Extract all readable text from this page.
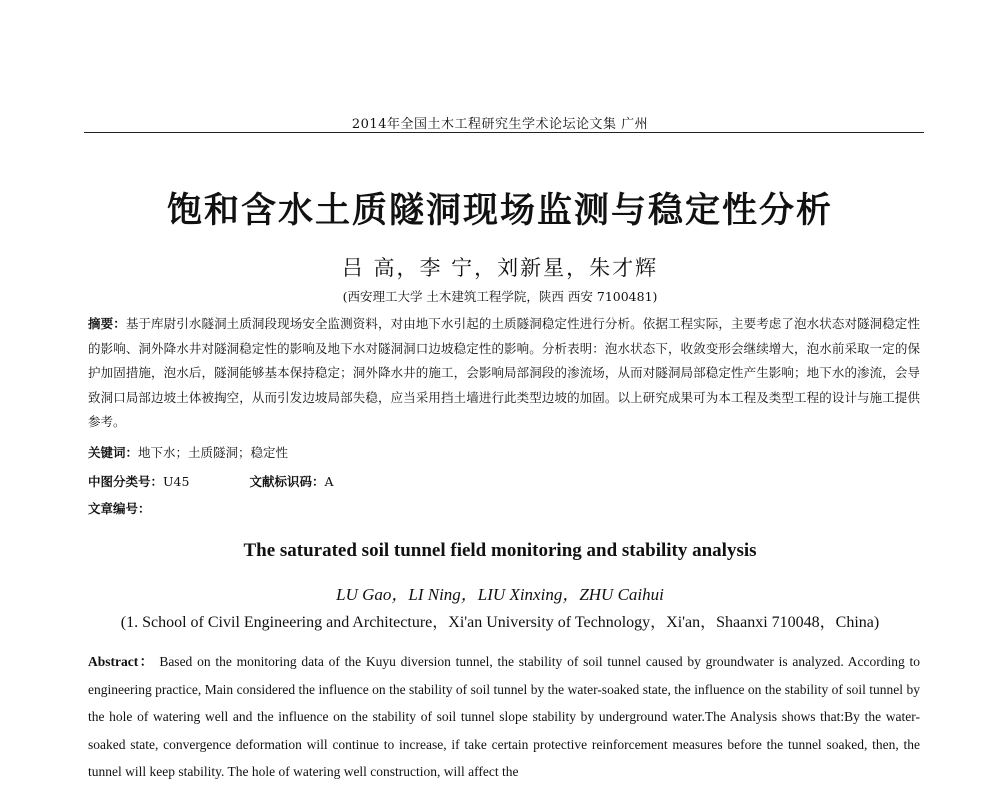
2014年全国土木工程研究生学术论坛论文集 广州
饱和含水土质隧洞现场监测与稳定性分析
吕 高，李 宁，刘新星，朱才辉
(西安理工大学 土木建筑工程学院，陕西 西安 7100481)
摘要：基于库尉引水隧洞土质洞段现场安全监测资料，对由地下水引起的土质隧洞稳定性进行分析。依据工程实际，主要考虑了泡水状态对隧洞稳定性的影响、洞外降水井对隧洞稳定性的影响及地下水对隧洞洞口边坡稳定性的影响。分析表明：泡水状态下，收敛变形会继续增大，泡水前采取一定的保护加固措施，泡水后，隧洞能够基本保持稳定；洞外降水井的施工，会影响局部洞段的渗流场，从而对隧洞局部稳定性产生影响；地下水的渗流，会导致洞口局部边坡土体被掏空，从而引发边坡局部失稳，应当采用挡土墙进行此类型边坡的加固。以上研究成果可为本工程及类型工程的设计与施工提供参考。
关键词：地下水；土质隧洞；稳定性
中图分类号：U45	文献标识码：A
文章编号：
The saturated soil tunnel field monitoring and stability analysis
LU Gao，LI Ning，LIU Xinxing，ZHU Caihui
(1. School of Civil Engineering and Architecture，Xi'an University of Technology，Xi'an，Shaanxi 710048，China)
Abstract： Based on the monitoring data of the Kuyu diversion tunnel, the stability of soil tunnel caused by groundwater is analyzed. According to engineering practice, Main considered the influence on the stability of soil tunnel by the water-soaked state, the influence on the stability of soil tunnel by the hole of watering well and the influence on the stability of soil tunnel slope stability by underground water.The Analysis shows that:By the water-soaked state, convergence deformation will continue to increase, if take certain protective reinforcement measures before the tunnel soaked, then, the tunnel will keep stability. The hole of watering well construction, will affect the
